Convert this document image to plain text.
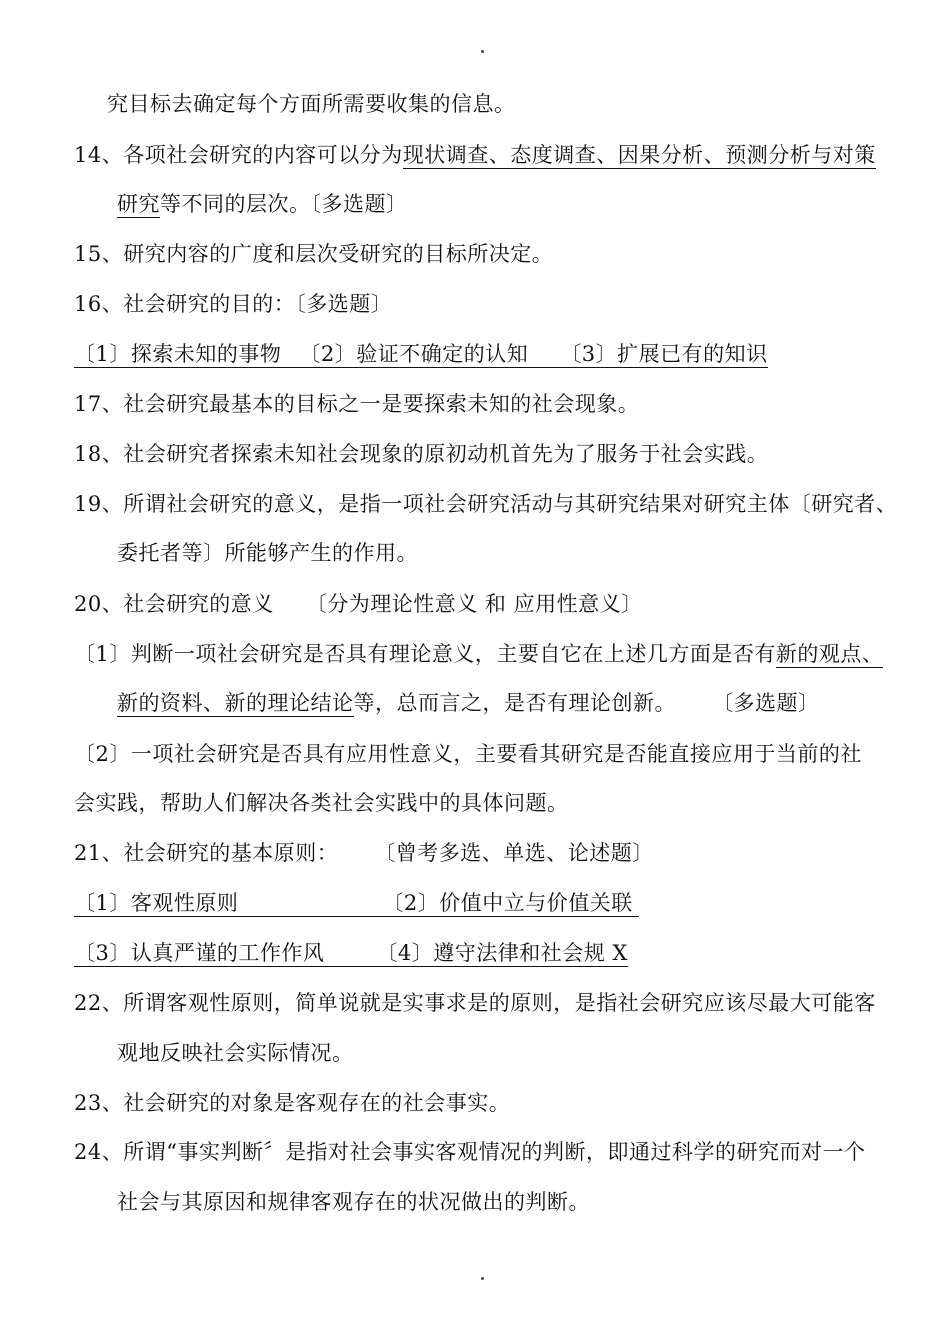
究目标去确定每个方面所需要收集的信息。
14、各项社会研究的内容可以分为现状调查、态度调查、因果分析、预测分析与对策
研究等不同的层次。〔多选题〕
15、研究内容的广度和层次受研究的目标所决定。
16、社会研究的目的：〔多选题〕
〔1〕探索未知的事物 〔2〕验证不确定的认知 〔3〕扩展已有的知识
17、社会研究最基本的目标之一是要探索未知的社会现象。
18、社会研究者探索未知社会现象的原初动机首先为了服务于社会实践。
19、所谓社会研究的意义，是指一项社会研究活动与其研究结果对研究主体〔研究者、
委托者等〕所能够产生的作用。
20、社会研究的意义 〔分为理论性意义 和 应用性意义〕
〔1〕判断一项社会研究是否具有理论意义，主要自它在上述几方面是否有新的观点、
新的资料、新的理论结论等，总而言之，是否有理论创新。 〔多选题〕
〔2〕一项社会研究是否具有应用性意义，主要看其研究是否能直接应用于当前的社
会实践，帮助人们解决各类社会实践中的具体问题。
21、社会研究的基本原则： 〔曾考多选、单选、论述题〕
〔1〕客观性原则	〔2〕价值中立与价值关联
〔3〕认真严谨的工作作风 〔4〕遵守法律和社会规 X
22、所谓客观性原则，简单说就是实事求是的原则，是指社会研究应该尽最大可能客
观地反映社会实际情况。
23、社会研究的对象是客观存在的社会事实。
24、所谓“事实判断〞是指对社会事实客观情况的判断，即通过科学的研究而对一个
社会与其原因和规律客观存在的状况做出的判断。
